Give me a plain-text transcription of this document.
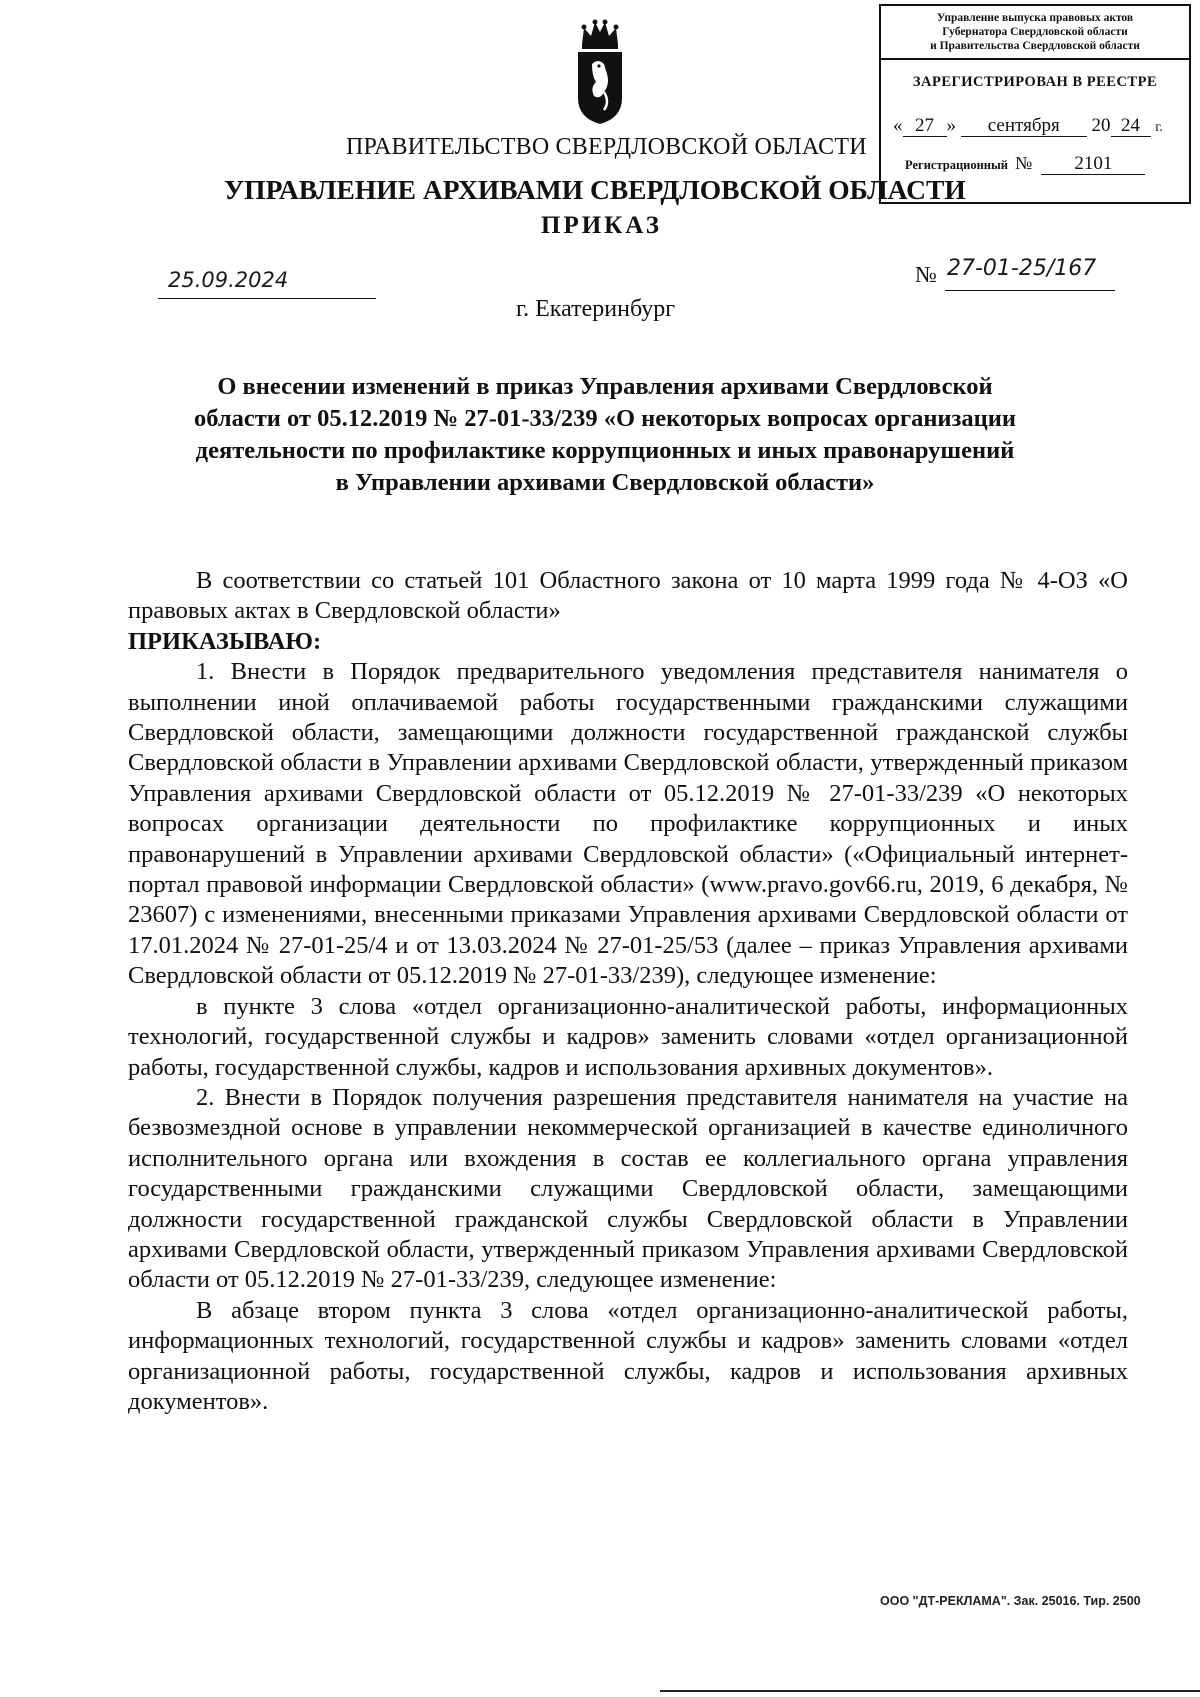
Управление выпуска правовых актов
Губернатора Свердловской области
и Правительства Свердловской области
ЗАРЕГИСТРИРОВАН В РЕЕСТРЕ
« 27 » сентября 20 24 г.
Регистрационный № 2101
ПРАВИТЕЛЬСТВО СВЕРДЛОВСКОЙ ОБЛАСТИ
УПРАВЛЕНИЕ АРХИВАМИ СВЕРДЛОВСКОЙ ОБЛАСТИ
ПРИКАЗ
25.09.2024	№ 27-01-25/167
г. Екатеринбург
О внесении изменений в приказ Управления архивами Свердловской
области от 05.12.2019 № 27-01-33/239 «О некоторых вопросах организации
деятельности по профилактике коррупционных и иных правонарушений
в Управлении архивами Свердловской области»

В соответствии со статьей 101 Областного закона от 10 марта 1999 года № 4-ОЗ «О правовых актах в Свердловской области»

ПРИКАЗЫВАЮ:

1. Внести в Порядок предварительного уведомления представителя нанимателя о выполнении иной оплачиваемой работы государственными гражданскими служащими Свердловской области, замещающими должности государственной гражданской службы Свердловской области в Управлении архивами Свердловской области, утвержденный приказом Управления архивами Свердловской области от 05.12.2019 № 27-01-33/239 «О некоторых вопросах организации деятельности по профилактике коррупционных и иных правонарушений в Управлении архивами Свердловской области» («Официальный интернет-портал правовой информации Свердловской области» (www.pravo.gov66.ru, 2019, 6 декабря, № 23607) с изменениями, внесенными приказами Управления архивами Свердловской области от 17.01.2024 № 27-01-25/4 и от 13.03.2024 № 27-01-25/53 (далее – приказ Управления архивами Свердловской области от 05.12.2019 № 27-01-33/239), следующее изменение:

в пункте 3 слова «отдел организационно-аналитической работы, информационных технологий, государственной службы и кадров» заменить словами «отдел организационной работы, государственной службы, кадров и использования архивных документов».

2. Внести в Порядок получения разрешения представителя нанимателя на участие на безвозмездной основе в управлении некоммерческой организацией в качестве единоличного исполнительного органа или вхождения в состав ее коллегиального органа управления государственными гражданскими служащими Свердловской области, замещающими должности государственной гражданской службы Свердловской области в Управлении архивами Свердловской области, утвержденный приказом Управления архивами Свердловской области от 05.12.2019 № 27-01-33/239, следующее изменение:

В абзаце втором пункта 3 слова «отдел организационно-аналитической работы, информационных технологий, государственной службы и кадров» заменить словами «отдел организационной работы, государственной службы, кадров и использования архивных документов».

ООО "ДТ-РЕКЛАМА". Зак. 25016. Тир. 2500
